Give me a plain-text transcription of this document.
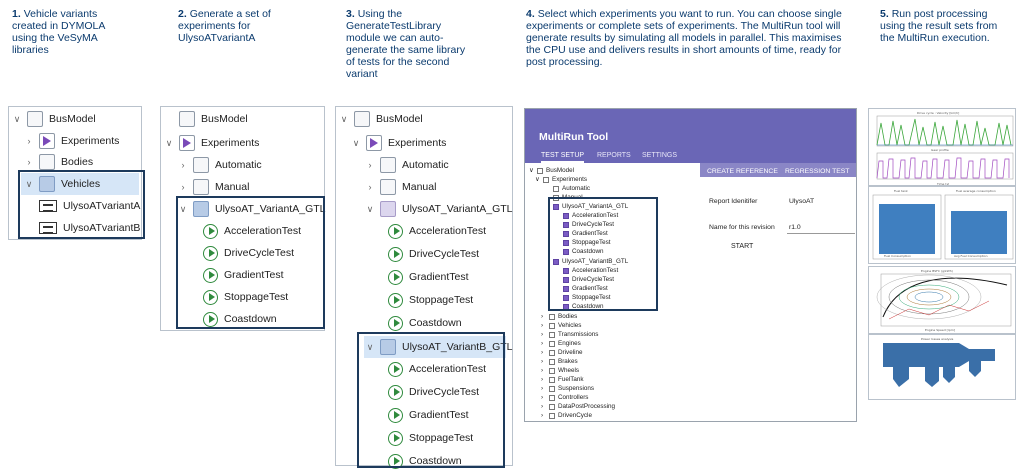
1. Vehicle variants
created in DYMOLA
using the VeSyMA
libraries
2. Generate a set of
experiments for
UlysoATvariantA
3. Using the
GenerateTestLibrary
module we can auto-
generate the same library
of tests for the second
variant
4. Select which experiments you want to run. You can choose single
experiments or complete sets of experiments. The MultiRun tool will
generate results by simulating all models in parallel. This maximises
the CPU use and delivers results in short amounts of time, ready for
post processing.
5. Run post processing
using the result sets from
the MultiRun execution.
∨	BusModel
›	Experiments
›	Bodies
∨	Vehicles
UlysoATvariantA
UlysoATvariantB
BusModel
∨	Experiments
›	Automatic
›	Manual
∨	UlysoAT_VariantA_GTL
AccelerationTest
DriveCycleTest
GradientTest
StoppageTest
Coastdown
∨	BusModel
∨	Experiments
›	Automatic
›	Manual
∨	UlysoAT_VariantA_GTL
AccelerationTest
DriveCycleTest
GradientTest
StoppageTest
Coastdown
∨	UlysoAT_VariantB_GTL
AccelerationTest
DriveCycleTest
GradientTest
StoppageTest
Coastdown
MultiRun Tool
TEST SETUP REPORTS SETTINGS
CREATE REFERENCE REGRESSION TEST
Report Idenitifer	UlysoAT
Name for this revision r1.0
START
∨	BusModel
∨	Experiments
Automatic
Manual
UlysoAT_VariantA_GTL
AccelerationTest
DriveCycleTest
GradientTest
StoppageTest
Coastdown
UlysoAT_VariantB_GTL
AccelerationTest
DriveCycleTest
GradientTest
StoppageTest
Coastdown
›	Bodies
›	Vehicles
›	Transmissions
›	Engines
›	Driveline
›	Brakes
›	Wheels
›	FuelTank
›	Suspensions
›	Controllers
›	DataPostProcessing
›	DrivenCycle
Drive cycle : Velocity [km/h]
Gear profile
Time [s]
Fuel tank	Fuel average consumption
Fuel Consumption	Avg Fuel Consumption
Engine BSFC (g/kWh)
Engine Speed [rpm]
Power losses analysis
